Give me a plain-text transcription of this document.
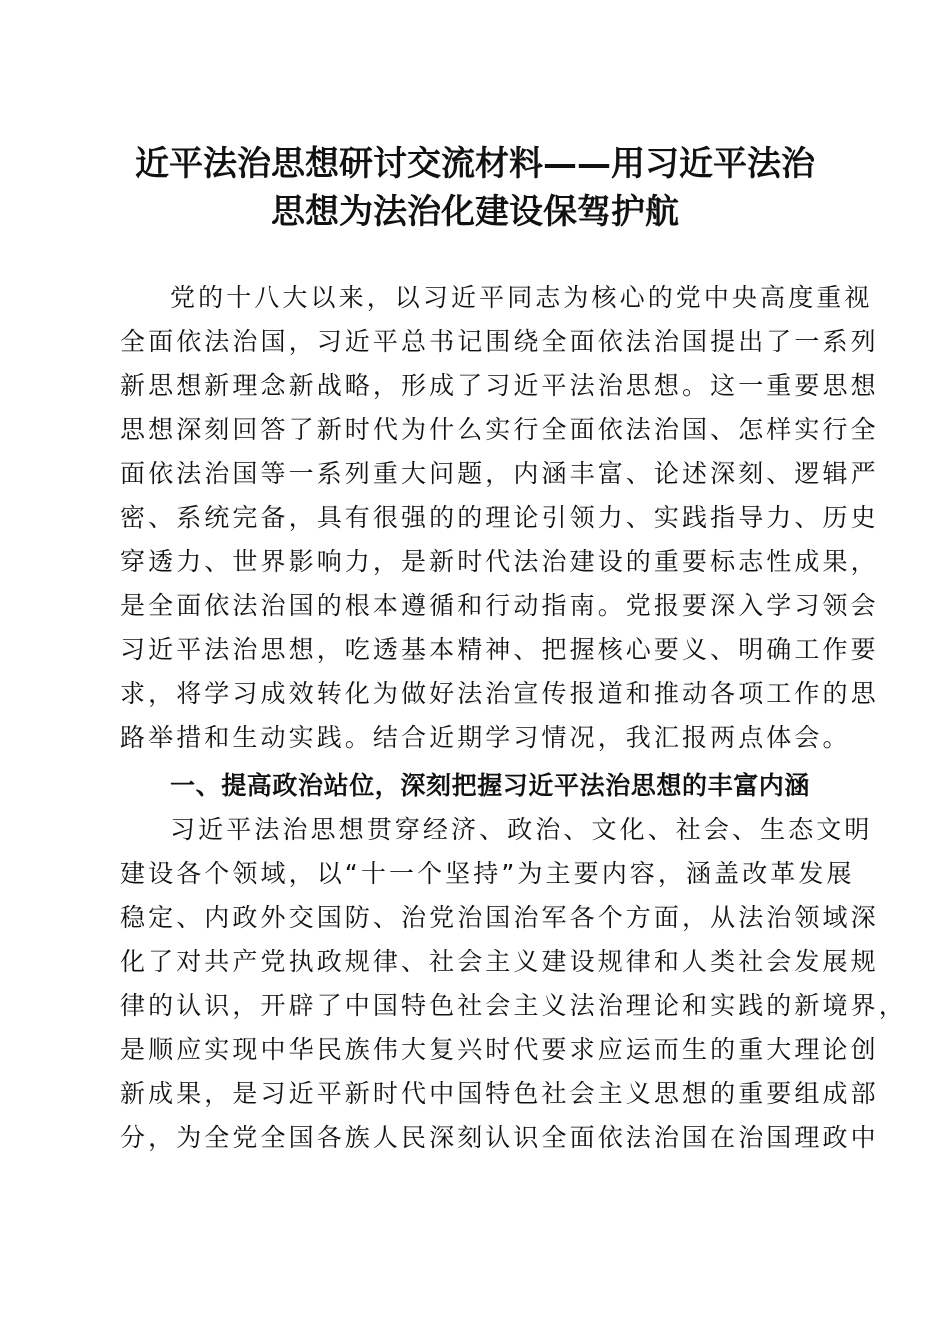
近平法治思想研讨交流材料——用习近平法治
思想为法治化建设保驾护航
党的十八大以来，以习近平同志为核心的党中央高度重视
全面依法治国，习近平总书记围绕全面依法治国提出了一系列
新思想新理念新战略，形成了习近平法治思想。这一重要思想
思想深刻回答了新时代为什么实行全面依法治国、怎样实行全
面依法治国等一系列重大问题，内涵丰富、论述深刻、逻辑严
密、系统完备，具有很强的的理论引领力、实践指导力、历史
穿透力、世界影响力，是新时代法治建设的重要标志性成果，
是全面依法治国的根本遵循和行动指南。党报要深入学习领会
习近平法治思想，吃透基本精神、把握核心要义、明确工作要
求，将学习成效转化为做好法治宣传报道和推动各项工作的思
路举措和生动实践。结合近期学习情况，我汇报两点体会。
一、提高政治站位，深刻把握习近平法治思想的丰富内涵
习近平法治思想贯穿经济、政治、文化、社会、生态文明
建设各个领域，以“十一个坚持”为主要内容，涵盖改革发展
稳定、内政外交国防、治党治国治军各个方面，从法治领域深
化了对共产党执政规律、社会主义建设规律和人类社会发展规
律的认识，开辟了中国特色社会主义法治理论和实践的新境界，
是顺应实现中华民族伟大复兴时代要求应运而生的重大理论创
新成果，是习近平新时代中国特色社会主义思想的重要组成部
分，为全党全国各族人民深刻认识全面依法治国在治国理政中
